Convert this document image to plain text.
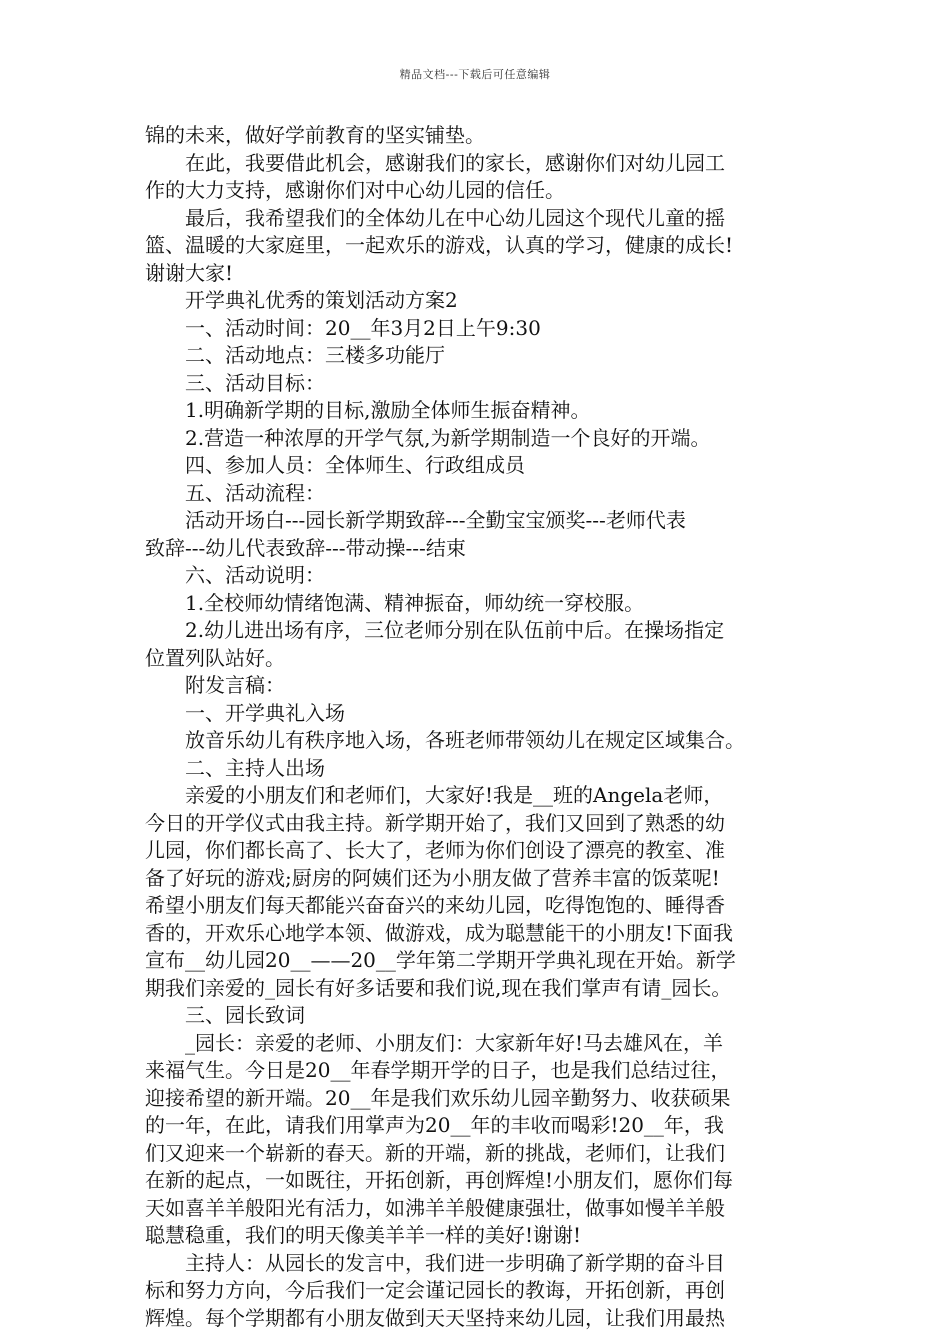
精品文档---下载后可任意编辑
锦的未来，做好学前教育的坚实铺垫。
　　在此，我要借此机会，感谢我们的家长，感谢你们对幼儿园工
作的大力支持，感谢你们对中心幼儿园的信任。
　　最后，我希望我们的全体幼儿在中心幼儿园这个现代儿童的摇
篮、温暖的大家庭里，一起欢乐的游戏，认真的学习，健康的成长!
谢谢大家!
　　开学典礼优秀的策划活动方案2
　　一、活动时间：20__年3月2日上午9:30
　　二、活动地点：三楼多功能厅
　　三、活动目标：
　　1.明确新学期的目标,激励全体师生振奋精神。
　　2.营造一种浓厚的开学气氛,为新学期制造一个良好的开端。
　　四、参加人员：全体师生、行政组成员
　　五、活动流程：
　　活动开场白---园长新学期致辞---全勤宝宝颁奖---老师代表
致辞---幼儿代表致辞---带动操---结束
　　六、活动说明：
　　1.全校师幼情绪饱满、精神振奋，师幼统一穿校服。
　　2.幼儿进出场有序，三位老师分别在队伍前中后。在操场指定
位置列队站好。
　　附发言稿：
　　一、开学典礼入场
　　放音乐幼儿有秩序地入场，各班老师带领幼儿在规定区域集合。
　　二、主持人出场
　　亲爱的小朋友们和老师们，大家好!我是__班的Angela老师，
今日的开学仪式由我主持。新学期开始了，我们又回到了熟悉的幼
儿园，你们都长高了、长大了，老师为你们创设了漂亮的教室、准
备了好玩的游戏;厨房的阿姨们还为小朋友做了营养丰富的饭菜呢!
希望小朋友们每天都能兴奋奋兴的来幼儿园，吃得饱饱的、睡得香
香的，开欢乐心地学本领、做游戏，成为聪慧能干的小朋友!下面我
宣布__幼儿园20__——20__学年第二学期开学典礼现在开始。新学
期我们亲爱的_园长有好多话要和我们说,现在我们掌声有请_园长。
　　三、园长致词
　　_园长：亲爱的老师、小朋友们：大家新年好!马去雄风在，羊
来福气生。今日是20__年春学期开学的日子，也是我们总结过往，
迎接希望的新开端。20__年是我们欢乐幼儿园辛勤努力、收获硕果
的一年，在此，请我们用掌声为20__年的丰收而喝彩!20__年，我
们又迎来一个崭新的春天。新的开端，新的挑战，老师们，让我们
在新的起点，一如既往，开拓创新，再创辉煌!小朋友们，愿你们每
天如喜羊羊般阳光有活力，如沸羊羊般健康强壮，做事如慢羊羊般
聪慧稳重，我们的明天像美羊羊一样的美好!谢谢!
　　主持人：从园长的发言中，我们进一步明确了新学期的奋斗目
标和努力方向，今后我们一定会谨记园长的教诲，开拓创新，再创
辉煌。每个学期都有小朋友做到天天坚持来幼儿园，让我们用最热
